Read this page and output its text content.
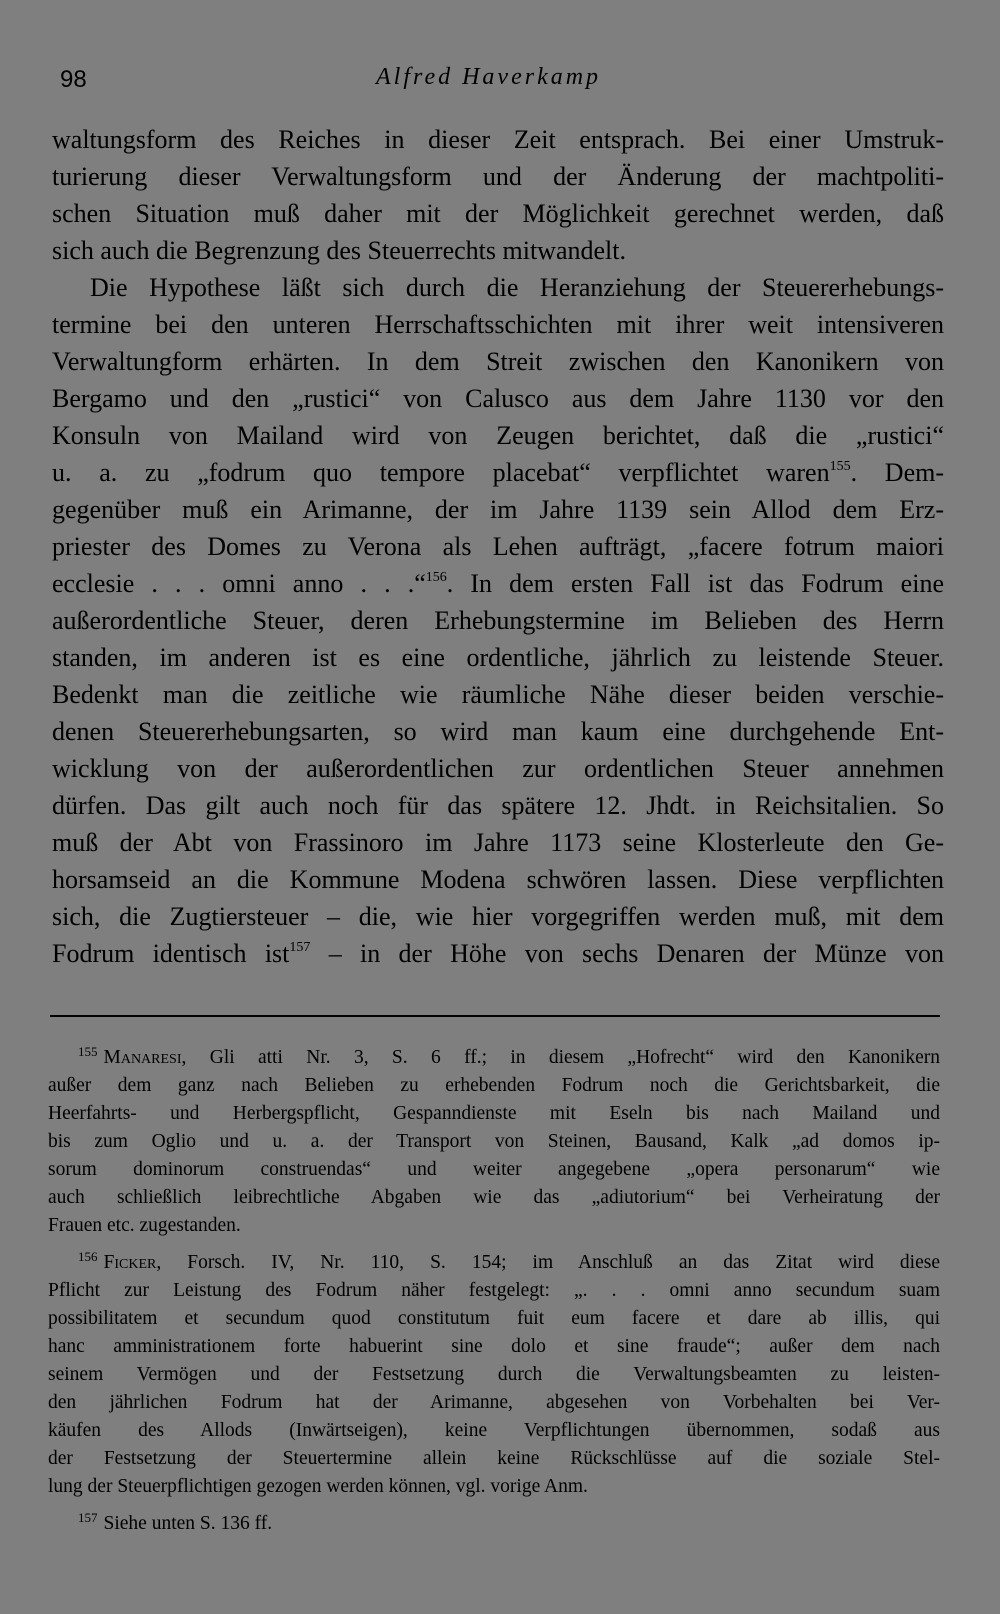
98	Alfred Haverkamp
waltungsform des Reiches in dieser Zeit entsprach. Bei einer Umstruk-
turierung dieser Verwaltungsform und der Änderung der machtpoliti-
schen Situation muß daher mit der Möglichkeit gerechnet werden, daß
sich auch die Begrenzung des Steuerrechts mitwandelt.
Die Hypothese läßt sich durch die Heranziehung der Steuererhebungs-
termine bei den unteren Herrschaftsschichten mit ihrer weit intensiveren
Verwaltungform erhärten. In dem Streit zwischen den Kanonikern von
Bergamo und den „rustici“ von Calusco aus dem Jahre 1130 vor den
Konsuln von Mailand wird von Zeugen berichtet, daß die „rustici“
u. a. zu „fodrum quo tempore placebat“ verpflichtet waren$^{155}$. Dem-
gegenüber muß ein Arimanne, der im Jahre 1139 sein Allod dem Erz-
priester des Domes zu Verona als Lehen aufträgt, „facere fotrum maiori
ecclesie . . . omni anno . . .“$^{156}$. In dem ersten Fall ist das Fodrum eine
außerordentliche Steuer, deren Erhebungstermine im Belieben des Herrn
standen, im anderen ist es eine ordentliche, jährlich zu leistende Steuer.
Bedenkt man die zeitliche wie räumliche Nähe dieser beiden verschie-
denen Steuererhebungsarten, so wird man kaum eine durchgehende Ent-
wicklung von der außerordentlichen zur ordentlichen Steuer annehmen
dürfen. Das gilt auch noch für das spätere 12. Jhdt. in Reichsitalien. So
muß der Abt von Frassinoro im Jahre 1173 seine Klosterleute den Ge-
horsamseid an die Kommune Modena schwören lassen. Diese verpflichten
sich, die Zugtiersteuer – die, wie hier vorgegriffen werden muß, mit dem
Fodrum identisch ist$^{157}$ – in der Höhe von sechs Denaren der Münze von
$^{155}$ Manaresi, Gli atti Nr. 3, S. 6 ff.; in diesem „Hofrecht“ wird den Kanonikern
außer dem ganz nach Belieben zu erhebenden Fodrum noch die Gerichtsbarkeit, die
Heerfahrts- und Herbergspflicht, Gespanndienste mit Eseln bis nach Mailand und
bis zum Oglio und u. a. der Transport von Steinen, Bausand, Kalk „ad domos ip-
sorum dominorum construendas“ und weiter angegebene „opera personarum“ wie
auch schließlich leibrechtliche Abgaben wie das „adiutorium“ bei Verheiratung der
Frauen etc. zugestanden.
$^{156}$ Ficker, Forsch. IV, Nr. 110, S. 154; im Anschluß an das Zitat wird diese
Pflicht zur Leistung des Fodrum näher festgelegt: „. . . omni anno secundum suam
possibilitatem et secundum quod constitutum fuit eum facere et dare ab illis, qui
hanc amministrationem forte habuerint sine dolo et sine fraude“; außer dem nach
seinem Vermögen und der Festsetzung durch die Verwaltungsbeamten zu leisten-
den jährlichen Fodrum hat der Arimanne, abgesehen von Vorbehalten bei Ver-
käufen des Allods (Inwärtseigen), keine Verpflichtungen übernommen, sodaß aus
der Festsetzung der Steuertermine allein keine Rückschlüsse auf die soziale Stel-
lung der Steuerpflichtigen gezogen werden können, vgl. vorige Anm.
$^{157}$ Siehe unten S. 136 ff.
